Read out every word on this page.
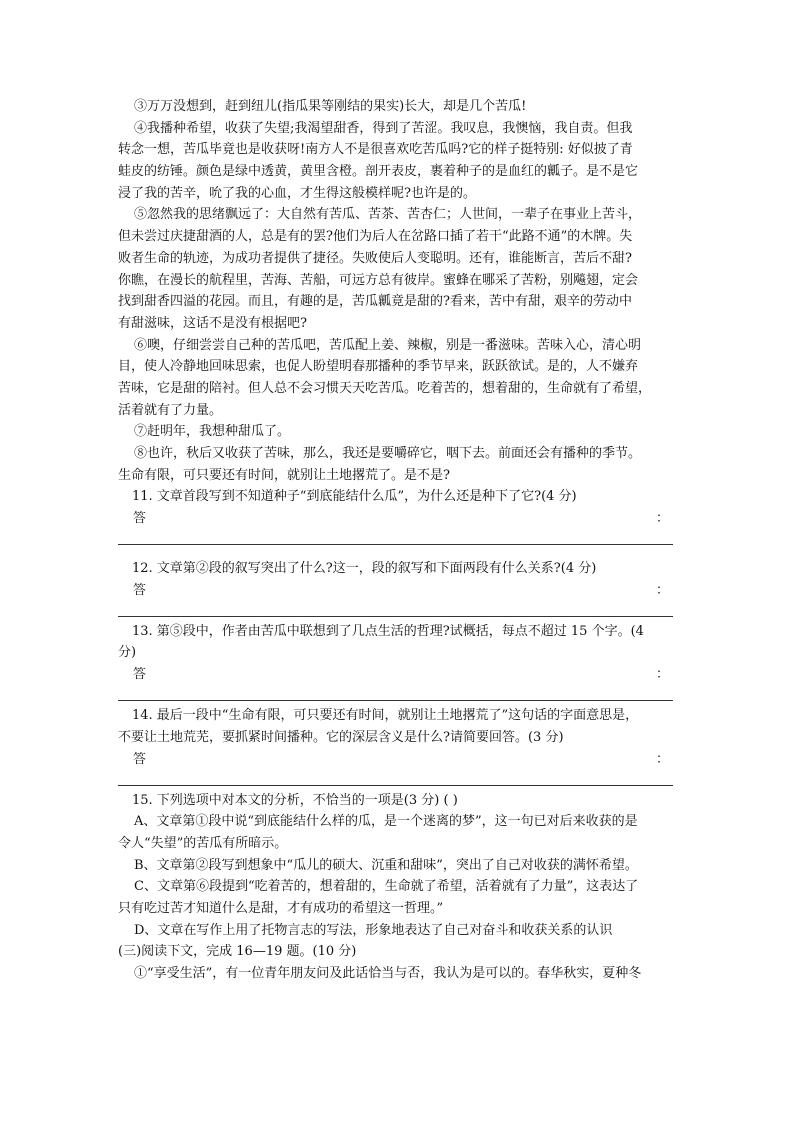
③万万没想到，赶到纽儿(指瓜果等刚结的果实)长大，却是几个苦瓜!
④我播种希望，收获了失望;我渴望甜香，得到了苦涩。我叹息，我懊恼，我自责。但我
转念一想，苦瓜毕竟也是收获呀!南方人不是很喜欢吃苦瓜吗?它的样子挺特别: 好似披了青
蛙皮的纺锤。颜色是绿中透黄，黄里含橙。剖开表皮，裹着种子的是血红的瓤子。是不是它
浸了我的苦辛，吮了我的心血，才生得这般模样呢?也许是的。
⑤忽然我的思绪飘远了：大自然有苦瓜、苦茶、苦杏仁；人世间，一辈子在事业上苦斗，
但未尝过庆捷甜酒的人，总是有的罢?他们为后人在岔路口插了若干“此路不通”的木牌。失
败者生命的轨迹，为成功者提供了捷径。失败使后人变聪明。还有，谁能断言，苦后不甜?
你瞧，在漫长的航程里，苦海、苦船，可远方总有彼岸。蜜蜂在哪采了苦粉，别飚翅，定会
找到甜香四溢的花园。而且，有趣的是，苦瓜瓤竟是甜的?看来，苦中有甜，艰辛的劳动中
有甜滋味，这话不是没有根据吧?
⑥噢，仔细尝尝自己种的苦瓜吧，苦瓜配上姜、辣椒，别是一番滋味。苦味入心，清心明
目，使人冷静地回味思索，也促人盼望明春那播种的季节早来，跃跃欲试。是的，人不嫌弃
苦味，它是甜的陪衬。但人总不会习惯天天吃苦瓜。吃着苦的，想着甜的，生命就有了希望，
活着就有了力量。
⑦赶明年，我想种甜瓜了。
⑧也许，秋后又收获了苦味，那么，我还是要嚼碎它，咽下去。前面还会有播种的季节。
生命有限，可只要还有时间，就别让土地撂荒了。是不是?
11. 文章首段写到不知道种子“到底能结什么瓜”，为什么还是种下了它?(4 分)
答	：
12. 文章第②段的叙写突出了什么?这一，段的叙写和下面两段有什么关系?(4 分)
答	：
13. 第⑤段中，作者由苦瓜中联想到了几点生活的哲理?试概括，每点不超过 15 个字。(4
分)
答	：
14. 最后一段中“生命有限，可只要还有时间，就别让土地撂荒了”这句话的字面意思是，
不要让土地荒芜，要抓紧时间播种。它的深层含义是什么?请简要回答。(3 分)
答	：
15. 下列选项中对本文的分析，不恰当的一项是(3 分) ( )
A、文章第①段中说“到底能结什么样的瓜，是一个迷离的梦”，这一句已对后来收获的是
令人“失望”的苦瓜有所暗示。
B、文章第②段写到想象中“瓜儿的硕大、沉重和甜味”，突出了自己对收获的满怀希望。
C、文章第⑥段提到“吃着苦的，想着甜的，生命就了希望，活着就有了力量”，这表达了
只有吃过苦才知道什么是甜，才有成功的希望这一哲理。”
D、文章在写作上用了托物言志的写法，形象地表达了自己对奋斗和收获关系的认识
(三)阅读下文，完成 16—19 题。(10 分)
①“享受生活”，有一位青年朋友问及此话恰当与否，我认为是可以的。春华秋实，夏种冬
